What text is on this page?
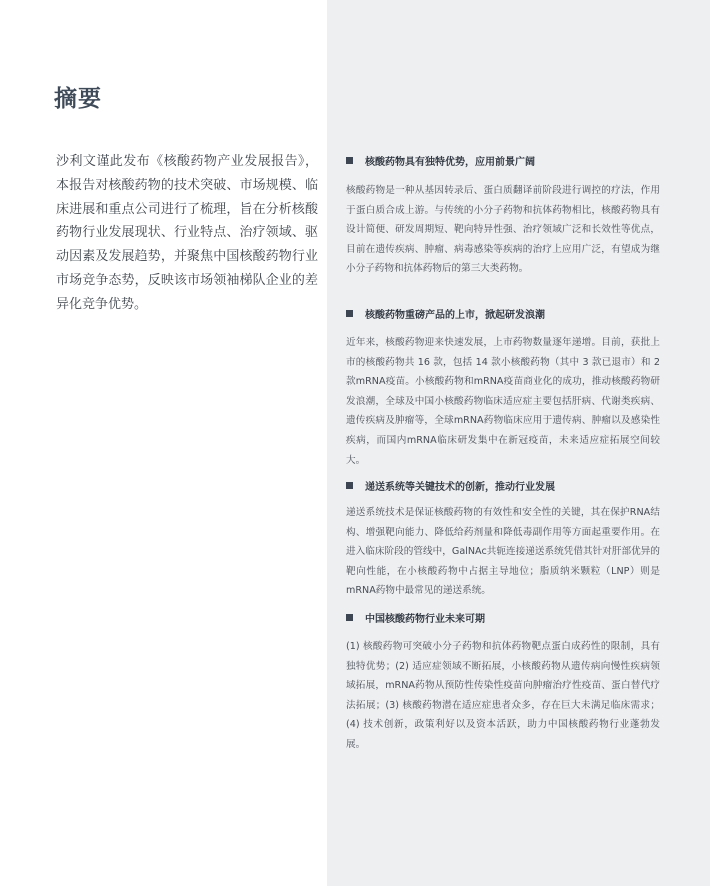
摘要

沙利文谨此发布《核酸药物产业发展报告》，本报告对核酸药物的技术突破、市场规模、临床进展和重点公司进行了梳理，旨在分析核酸药物行业发展现状、行业特点、治疗领域、驱动因素及发展趋势，并聚焦中国核酸药物行业市场竞争态势，反映该市场领袖梯队企业的差异化竞争优势。

核酸药物具有独特优势，应用前景广阔

核酸药物是一种从基因转录后、蛋白质翻译前阶段进行调控的疗法，作用于蛋白质合成上游。与传统的小分子药物和抗体药物相比，核酸药物具有设计简便、研发周期短、靶向特异性强、治疗领域广泛和长效性等优点，目前在遗传疾病、肿瘤、病毒感染等疾病的治疗上应用广泛，有望成为继小分子药物和抗体药物后的第三大类药物。

核酸药物重磅产品的上市，掀起研发浪潮

近年来，核酸药物迎来快速发展，上市药物数量逐年递增。目前，获批上市的核酸药物共 16 款，包括 14 款小核酸药物（其中 3 款已退市）和 2 款mRNA疫苗。小核酸药物和mRNA疫苗商业化的成功，推动核酸药物研发浪潮，全球及中国小核酸药物临床适应症主要包括肝病、代谢类疾病、遗传疾病及肿瘤等，全球mRNA药物临床应用于遗传病、肿瘤以及感染性疾病，而国内mRNA临床研发集中在新冠疫苗，未来适应症拓展空间较大。

递送系统等关键技术的创新，推动行业发展

递送系统技术是保证核酸药物的有效性和安全性的关键，其在保护RNA结构、增强靶向能力、降低给药剂量和降低毒副作用等方面起重要作用。在进入临床阶段的管线中，GalNAc共轭连接递送系统凭借其针对肝部优异的靶向性能，在小核酸药物中占据主导地位；脂质纳米颗粒（LNP）则是mRNA药物中最常见的递送系统。

中国核酸药物行业未来可期

(1) 核酸药物可突破小分子药物和抗体药物靶点蛋白成药性的限制，具有独特优势；(2) 适应症领域不断拓展，小核酸药物从遗传病向慢性疾病领域拓展，mRNA药物从预防性传染性疫苗向肿瘤治疗性疫苗、蛋白替代疗法拓展；(3) 核酸药物潜在适应症患者众多，存在巨大未满足临床需求；(4) 技术创新，政策利好以及资本活跃，助力中国核酸药物行业蓬勃发展。
